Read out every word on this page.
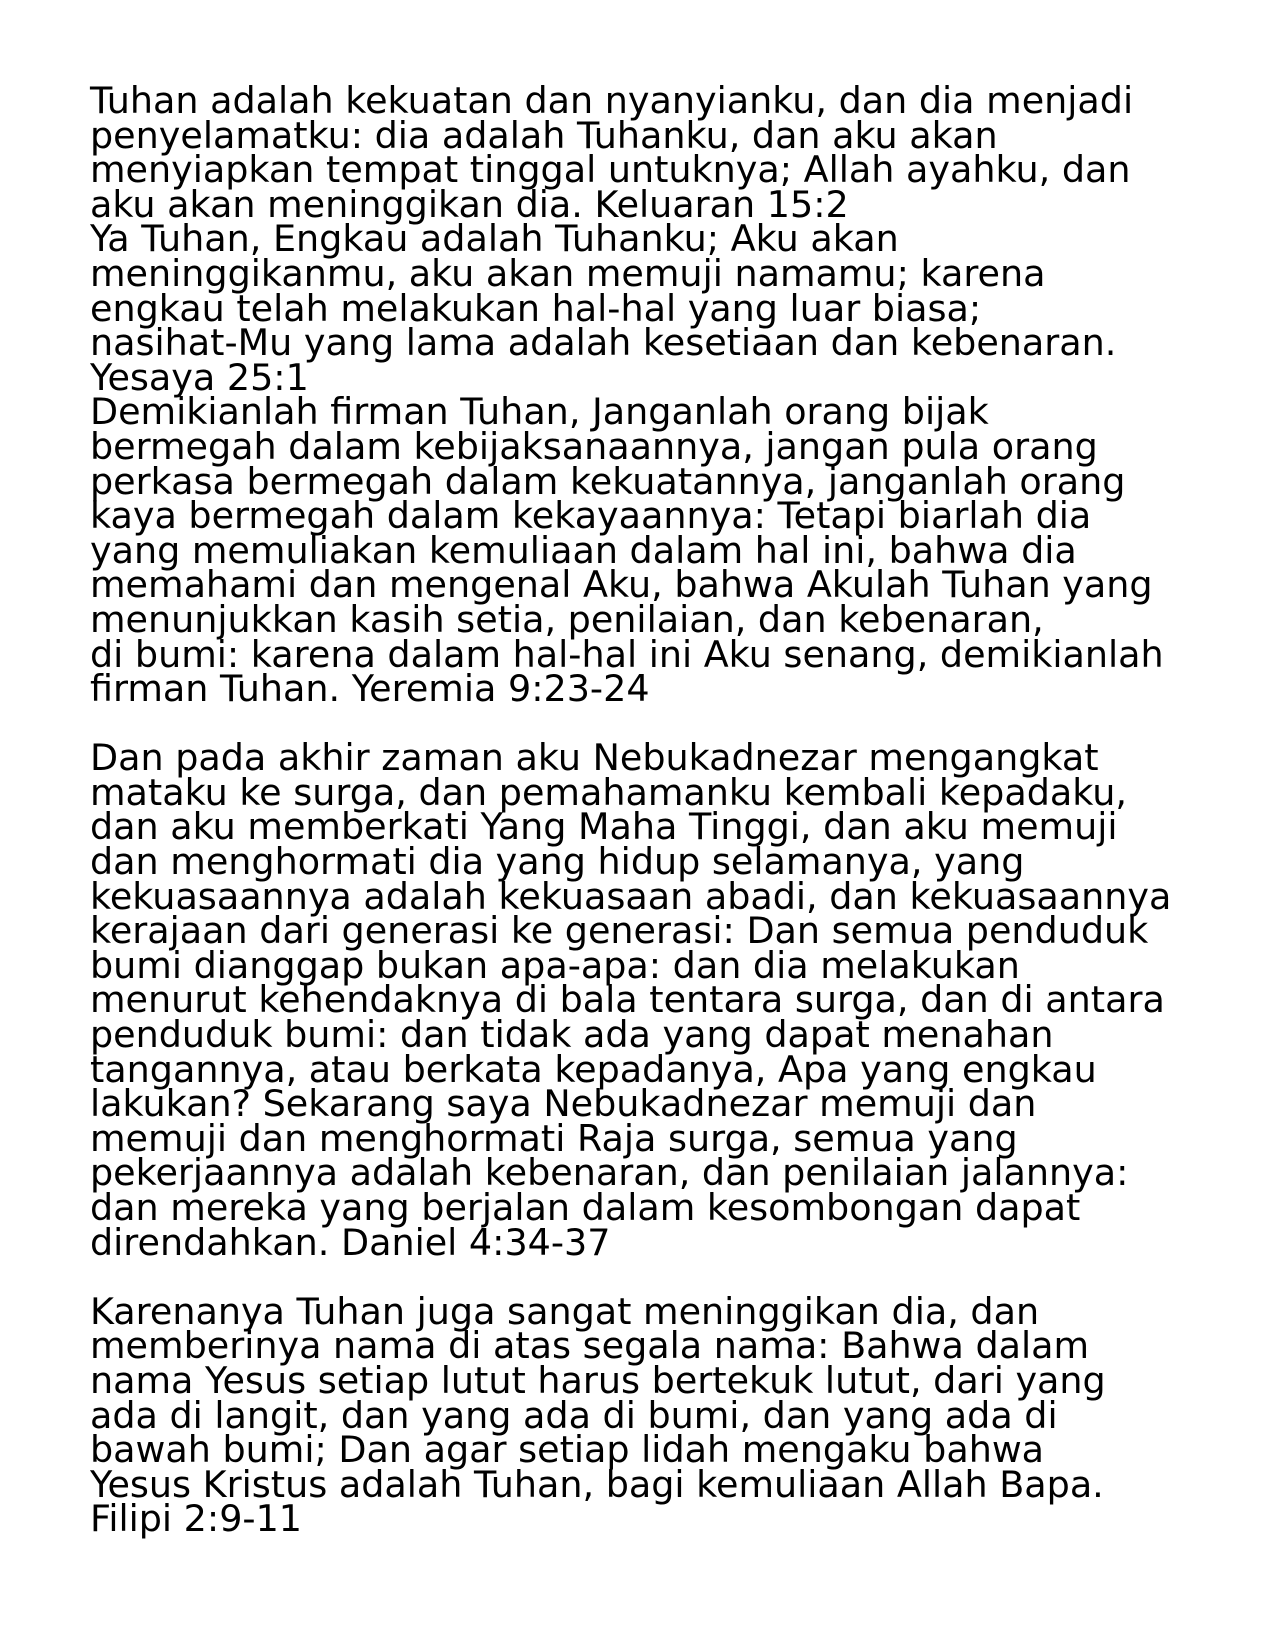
Tuhan adalah kekuatan dan nyanyianku, dan dia menjadi
penyelamatku: dia adalah Tuhanku, dan aku akan
menyiapkan tempat tinggal untuknya; Allah ayahku, dan
aku akan meninggikan dia. Keluaran 15:2
Ya Tuhan, Engkau adalah Tuhanku; Aku akan
meninggikanmu, aku akan memuji namamu; karena
engkau telah melakukan hal-hal yang luar biasa;
nasihat-Mu yang lama adalah kesetiaan dan kebenaran.
Yesaya 25:1
Demikianlah firman Tuhan, Janganlah orang bijak
bermegah dalam kebijaksanaannya, jangan pula orang
perkasa bermegah dalam kekuatannya, janganlah orang
kaya bermegah dalam kekayaannya: Tetapi biarlah dia
yang memuliakan kemuliaan dalam hal ini, bahwa dia
memahami dan mengenal Aku, bahwa Akulah Tuhan yang
menunjukkan kasih setia, penilaian, dan kebenaran,
di bumi: karena dalam hal-hal ini Aku senang, demikianlah
firman Tuhan. Yeremia 9:23-24
Dan pada akhir zaman aku Nebukadnezar mengangkat
mataku ke surga, dan pemahamanku kembali kepadaku,
dan aku memberkati Yang Maha Tinggi, dan aku memuji
dan menghormati dia yang hidup selamanya, yang
kekuasaannya adalah kekuasaan abadi, dan kekuasaannya
kerajaan dari generasi ke generasi: Dan semua penduduk
bumi dianggap bukan apa-apa: dan dia melakukan
menurut kehendaknya di bala tentara surga, dan di antara
penduduk bumi: dan tidak ada yang dapat menahan
tangannya, atau berkata kepadanya, Apa yang engkau
lakukan? Sekarang saya Nebukadnezar memuji dan
memuji dan menghormati Raja surga, semua yang
pekerjaannya adalah kebenaran, dan penilaian jalannya:
dan mereka yang berjalan dalam kesombongan dapat
direndahkan. Daniel 4:34-37
Karenanya Tuhan juga sangat meninggikan dia, dan
memberinya nama di atas segala nama: Bahwa dalam
nama Yesus setiap lutut harus bertekuk lutut, dari yang
ada di langit, dan yang ada di bumi, dan yang ada di
bawah bumi; Dan agar setiap lidah mengaku bahwa
Yesus Kristus adalah Tuhan, bagi kemuliaan Allah Bapa.
Filipi 2:9-11
